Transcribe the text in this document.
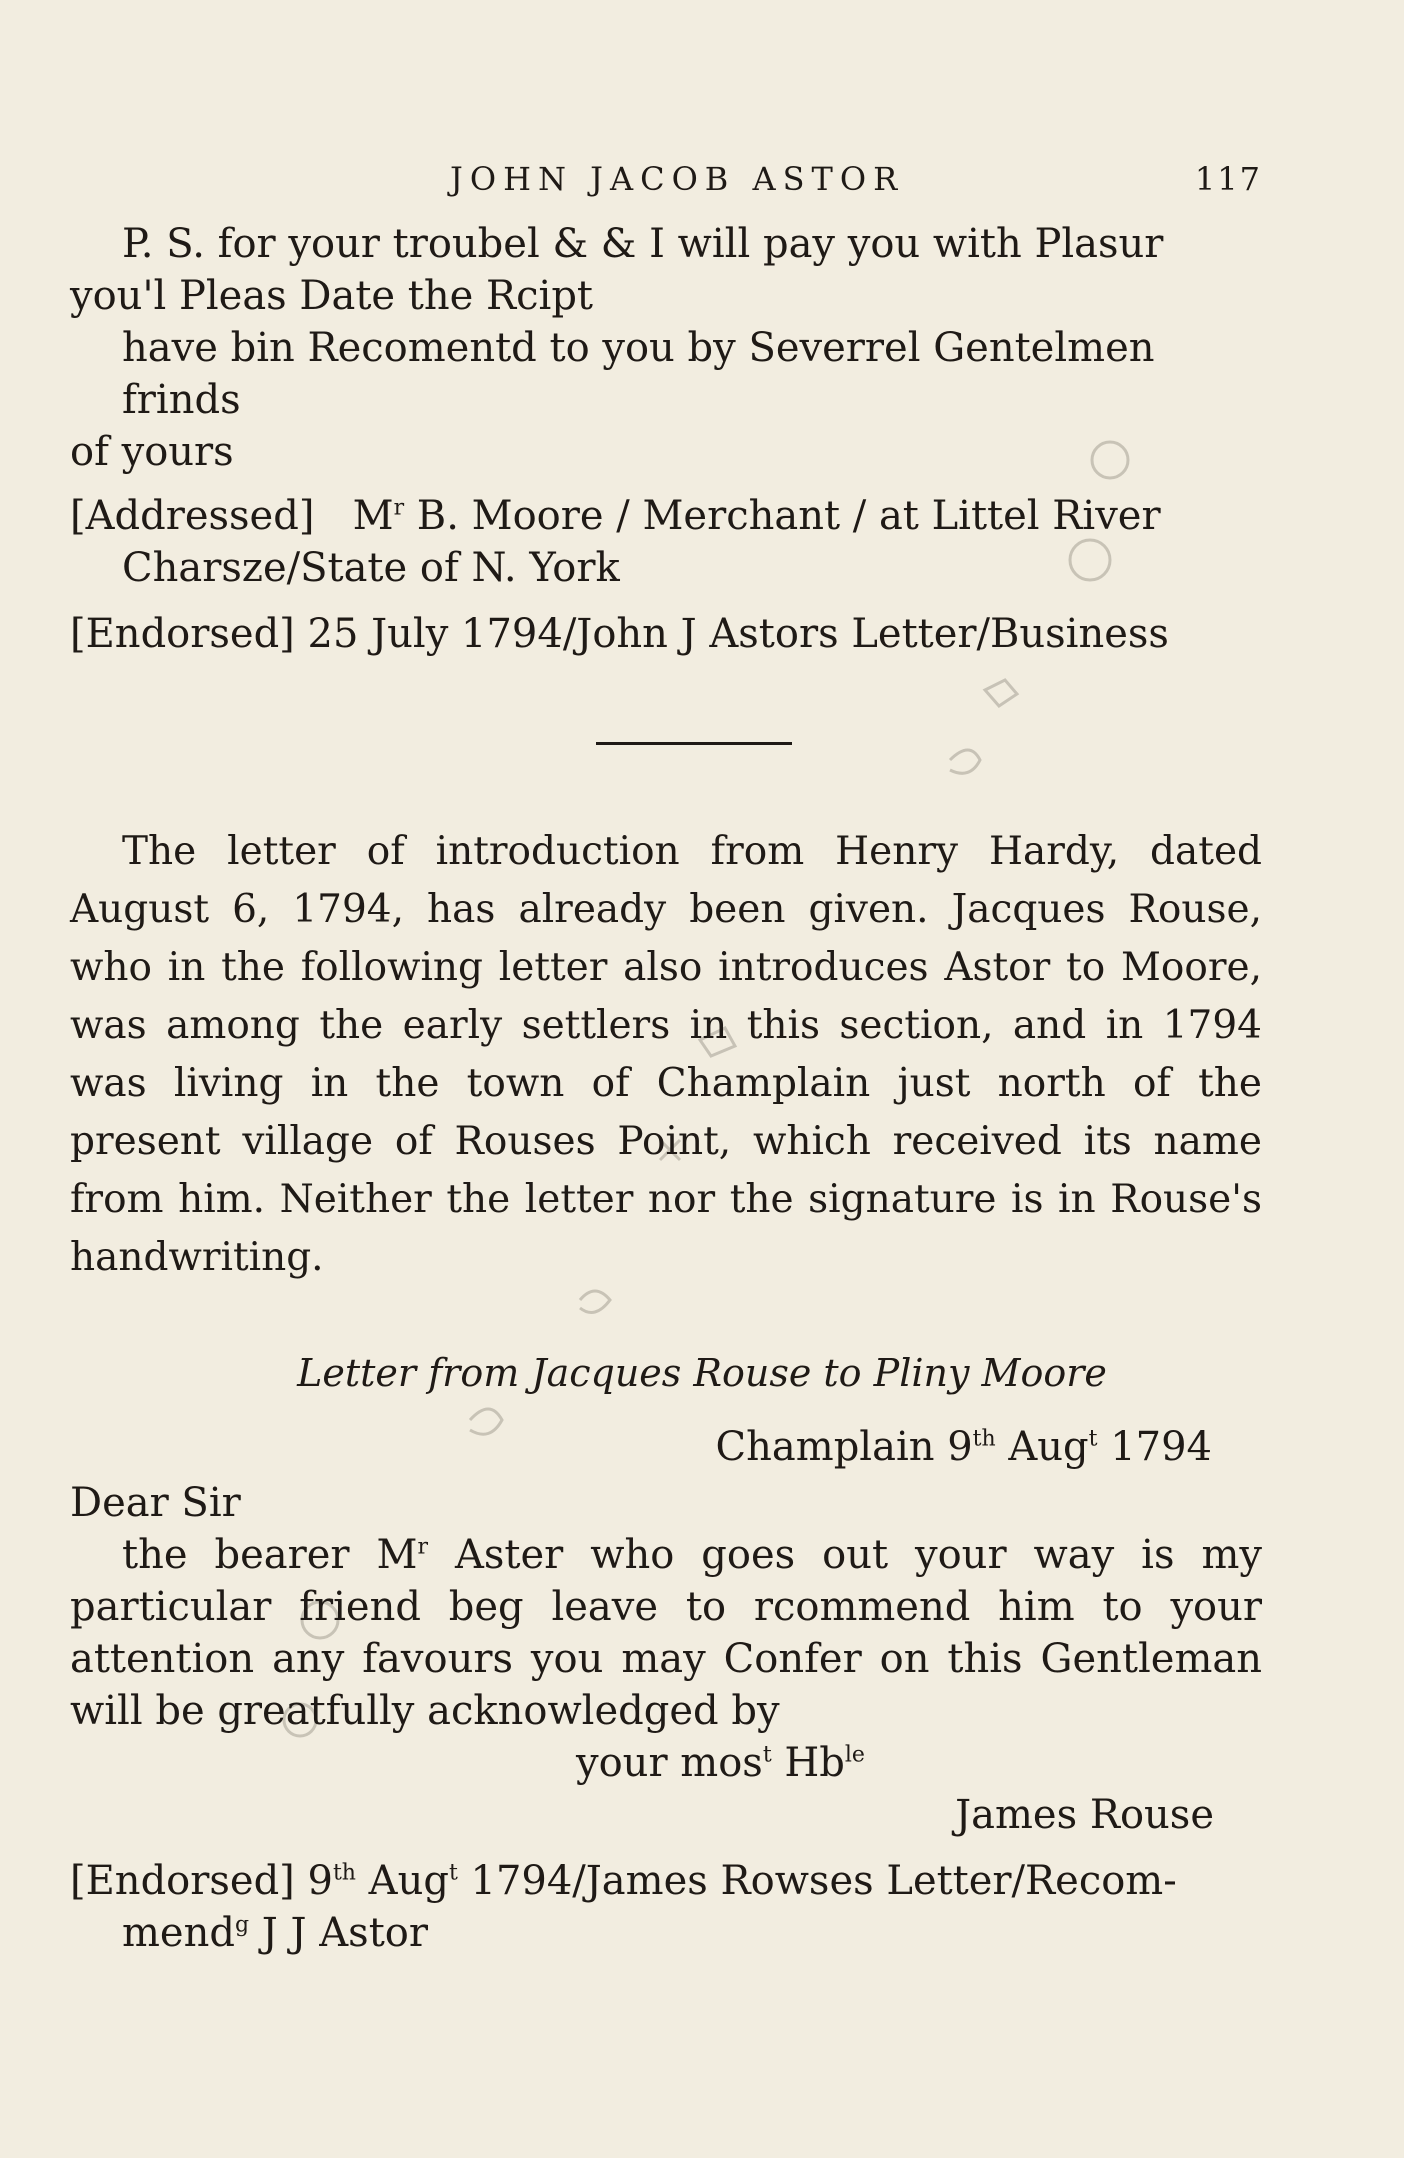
JOHN JACOB ASTOR	117

P. S. for your troubel & & I will pay you with Plasur

you'l Pleas Date the Rcipt

have bin Recomentd to you by Severrel Gentelmen frinds

of yours

[Addressed] $M^r$ B. Moore / Merchant / at Littel River

Charsze/State of N. York

[Endorsed] 25 July 1794/John J Astors Letter/Business

The letter of introduction from Henry Hardy, dated August 6, 1794, has already been given. Jacques Rouse, who in the following letter also introduces Astor to Moore, was among the early settlers in this section, and in 1794 was living in the town of Champlain just north of the present village of Rouses Point, which received its name from him. Neither the letter nor the signature is in Rouse's handwriting.

Letter from Jacques Rouse to Pliny Moore

Champlain 9th Aug$^t$ 1794

Dear Sir

the bearer $M^r$ Aster who goes out your way is my particular friend beg leave to rcommend him to your attention any favours you may Confer on this Gentleman will be greatfully acknowledged by

your mos$^t$ $Hb^{le}$

James Rouse

[Endorsed] 9th Aug$^t$ 1794/James Rowses Letter/Recom-

mend$^g$ J J Astor
